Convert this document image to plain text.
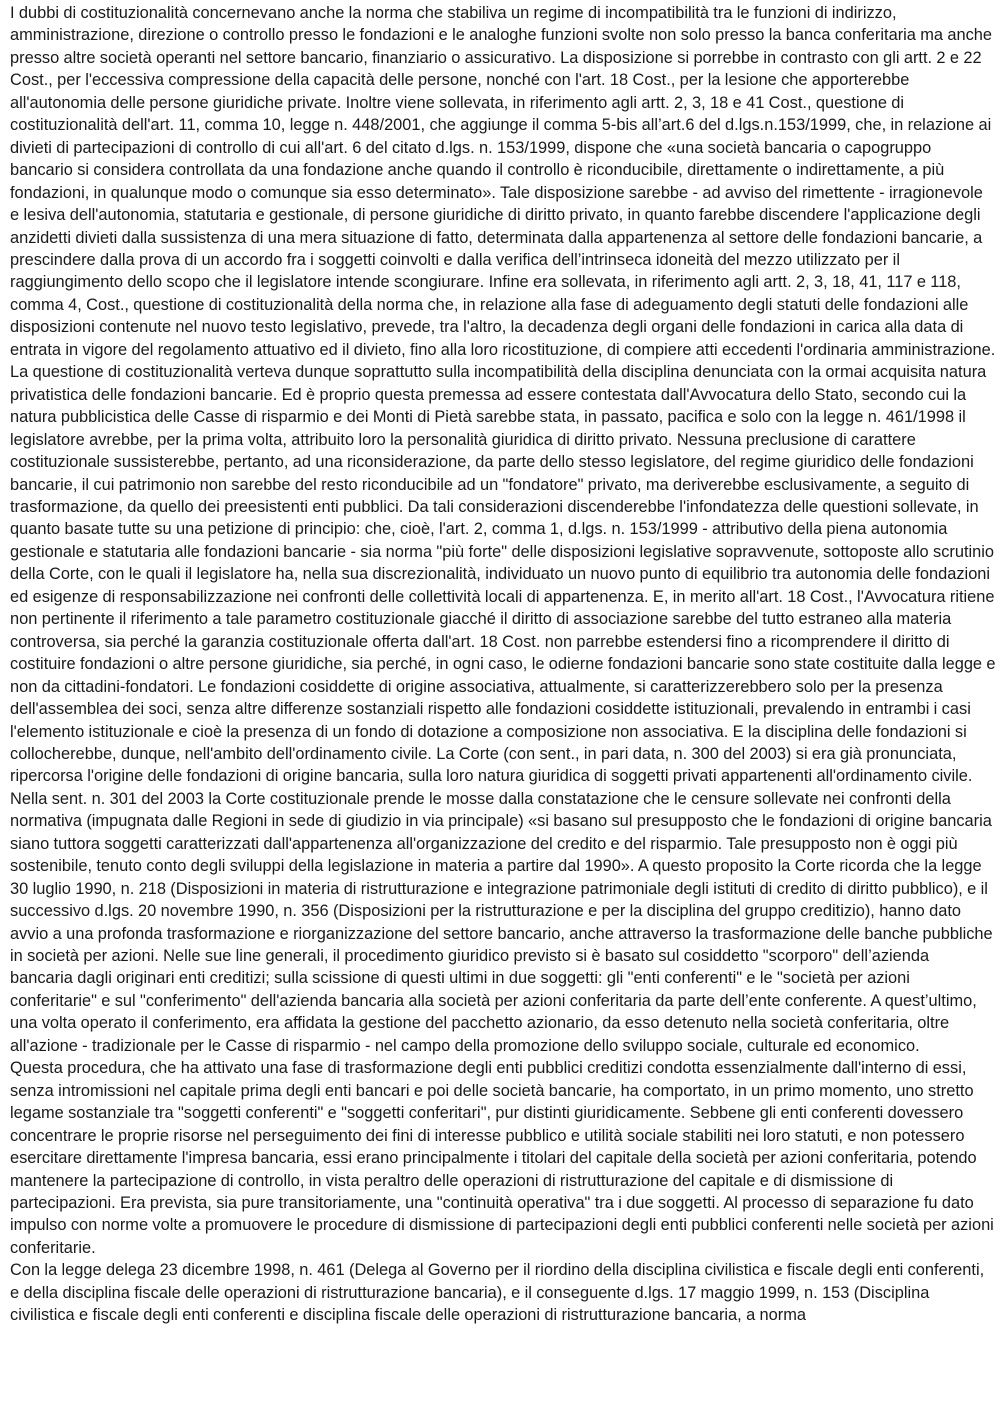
I dubbi di costituzionalità concernevano anche la norma che stabiliva un regime di incompatibilità tra le funzioni di indirizzo, amministrazione, direzione o controllo presso le fondazioni e le analoghe funzioni svolte non solo presso la banca conferitaria ma anche presso altre società operanti nel settore bancario, finanziario o assicurativo. La disposizione si porrebbe in contrasto con gli artt. 2 e 22 Cost., per l'eccessiva compressione della capacità delle persone, nonché con l'art. 18 Cost., per la lesione che apporterebbe all'autonomia delle persone giuridiche private. Inoltre viene sollevata, in riferimento agli artt. 2, 3, 18 e 41 Cost., questione di costituzionalità dell'art. 11, comma 10, legge n. 448/2001, che aggiunge il comma 5-bis all’art.6 del d.lgs.n.153/1999, che, in relazione ai divieti di partecipazioni di controllo di cui all'art. 6 del citato d.lgs. n. 153/1999, dispone che «una società bancaria o capogruppo bancario si considera controllata da una fondazione anche quando il controllo è riconducibile, direttamente o indirettamente, a più fondazioni, in qualunque modo o comunque sia esso determinato». Tale disposizione sarebbe - ad avviso del rimettente - irragionevole e lesiva dell'autonomia, statutaria e gestionale, di persone giuridiche di diritto privato, in quanto farebbe discendere l'applicazione degli anzidetti divieti dalla sussistenza di una mera situazione di fatto, determinata dalla appartenenza al settore delle fondazioni bancarie, a prescindere dalla prova di un accordo fra i soggetti coinvolti e dalla verifica dell’intrinseca idoneità del mezzo utilizzato per il raggiungimento dello scopo che il legislatore intende scongiurare. Infine era sollevata, in riferimento agli artt. 2, 3, 18, 41, 117 e 118, comma 4, Cost., questione di costituzionalità della norma che, in relazione alla fase di adeguamento degli statuti delle fondazioni alle disposizioni contenute nel nuovo testo legislativo, prevede, tra l'altro, la decadenza degli organi delle fondazioni in carica alla data di entrata in vigore del regolamento attuativo ed il divieto, fino alla loro ricostituzione, di compiere atti eccedenti l'ordinaria amministrazione. La questione di costituzionalità verteva dunque soprattutto sulla incompatibilità della disciplina denunciata con la ormai acquisita natura privatistica delle fondazioni bancarie. Ed è proprio questa premessa ad essere contestata dall'Avvocatura dello Stato, secondo cui la natura pubblicistica delle Casse di risparmio e dei Monti di Pietà sarebbe stata, in passato, pacifica e solo con la legge n. 461/1998 il legislatore avrebbe, per la prima volta, attribuito loro la personalità giuridica di diritto privato. Nessuna preclusione di carattere costituzionale sussisterebbe, pertanto, ad una riconsiderazione, da parte dello stesso legislatore, del regime giuridico delle fondazioni bancarie, il cui patrimonio non sarebbe del resto riconducibile ad un "fondatore" privato, ma deriverebbe esclusivamente, a seguito di trasformazione, da quello dei preesistenti enti pubblici. Da tali considerazioni discenderebbe l'infondatezza delle questioni sollevate, in quanto basate tutte su una petizione di principio: che, cioè, l'art. 2, comma 1, d.lgs. n. 153/1999 - attributivo della piena autonomia gestionale e statutaria alle fondazioni bancarie - sia norma "più forte" delle disposizioni legislative sopravvenute, sottoposte allo scrutinio della Corte, con le quali il legislatore ha, nella sua discrezionalità, individuato un nuovo punto di equilibrio tra autonomia delle fondazioni ed esigenze di responsabilizzazione nei confronti delle collettività locali di appartenenza. E, in merito all'art. 18 Cost., l'Avvocatura ritiene non pertinente il riferimento a tale parametro costituzionale giacché il diritto di associazione sarebbe del tutto estraneo alla materia controversa, sia perché la garanzia costituzionale offerta dall'art. 18 Cost. non parrebbe estendersi fino a ricomprendere il diritto di costituire fondazioni o altre persone giuridiche, sia perché, in ogni caso, le odierne fondazioni bancarie sono state costituite dalla legge e non da cittadini-fondatori. Le fondazioni cosiddette di origine associativa, attualmente, si caratterizzerebbero solo per la presenza dell'assemblea dei soci, senza altre differenze sostanziali rispetto alle fondazioni cosiddette istituzionali, prevalendo in entrambi i casi l'elemento istituzionale e cioè la presenza di un fondo di dotazione a composizione non associativa. E la disciplina delle fondazioni si collocherebbe, dunque, nell'ambito dell'ordinamento civile. La Corte (con sent., in pari data, n. 300 del 2003) si era già pronunciata, ripercorsa l'origine delle fondazioni di origine bancaria, sulla loro natura giuridica di soggetti privati appartenenti all'ordinamento civile. Nella sent. n. 301 del 2003 la Corte costituzionale prende le mosse dalla constatazione che le censure sollevate nei confronti della normativa (impugnata dalle Regioni in sede di giudizio in via principale) «si basano sul presupposto che le fondazioni di origine bancaria siano tuttora soggetti caratterizzati dall'appartenenza all'organizzazione del credito e del risparmio. Tale presupposto non è oggi più sostenibile, tenuto conto degli sviluppi della legislazione in materia a partire dal 1990». A questo proposito la Corte ricorda che la legge 30 luglio 1990, n. 218 (Disposizioni in materia di ristrutturazione e integrazione patrimoniale degli istituti di credito di diritto pubblico), e il successivo d.lgs. 20 novembre 1990, n. 356 (Disposizioni per la ristrutturazione e per la disciplina del gruppo creditizio), hanno dato avvio a una profonda trasformazione e riorganizzazione del settore bancario, anche attraverso la trasformazione delle banche pubbliche in società per azioni. Nelle sue line generali, il procedimento giuridico previsto si è basato sul cosiddetto "scorporo" dell’azienda bancaria dagli originari enti creditizi; sulla scissione di questi ultimi in due soggetti: gli "enti conferenti" e le "società per azioni conferitarie" e sul "conferimento" dell'azienda bancaria alla società per azioni conferitaria da parte dell’ente conferente. A quest’ultimo, una volta operato il conferimento, era affidata la gestione del pacchetto azionario, da esso detenuto nella società conferitaria, oltre all'azione - tradizionale per le Casse di risparmio - nel campo della promozione dello sviluppo sociale, culturale ed economico.

Questa procedura, che ha attivato una fase di trasformazione degli enti pubblici creditizi condotta essenzialmente dall'interno di essi, senza intromissioni nel capitale prima degli enti bancari e poi delle società bancarie, ha comportato, in un primo momento, uno stretto legame sostanziale tra "soggetti conferenti" e "soggetti conferitari", pur distinti giuridicamente. Sebbene gli enti conferenti dovessero concentrare le proprie risorse nel perseguimento dei fini di interesse pubblico e utilità sociale stabiliti nei loro statuti, e non potessero esercitare direttamente l'impresa bancaria, essi erano principalmente i titolari del capitale della società per azioni conferitaria, potendo mantenere la partecipazione di controllo, in vista peraltro delle operazioni di ristrutturazione del capitale e di dismissione di partecipazioni. Era prevista, sia pure transitoriamente, una "continuità operativa" tra i due soggetti. Al processo di separazione fu dato impulso con norme volte a promuovere le procedure di dismissione di partecipazioni degli enti pubblici conferenti nelle società per azioni conferitarie.

Con la legge delega 23 dicembre 1998, n. 461 (Delega al Governo per il riordino della disciplina civilistica e fiscale degli enti conferenti, e della disciplina fiscale delle operazioni di ristrutturazione bancaria), e il conseguente d.lgs. 17 maggio 1999, n. 153 (Disciplina civilistica e fiscale degli enti conferenti e disciplina fiscale delle operazioni di ristrutturazione bancaria, a norma
